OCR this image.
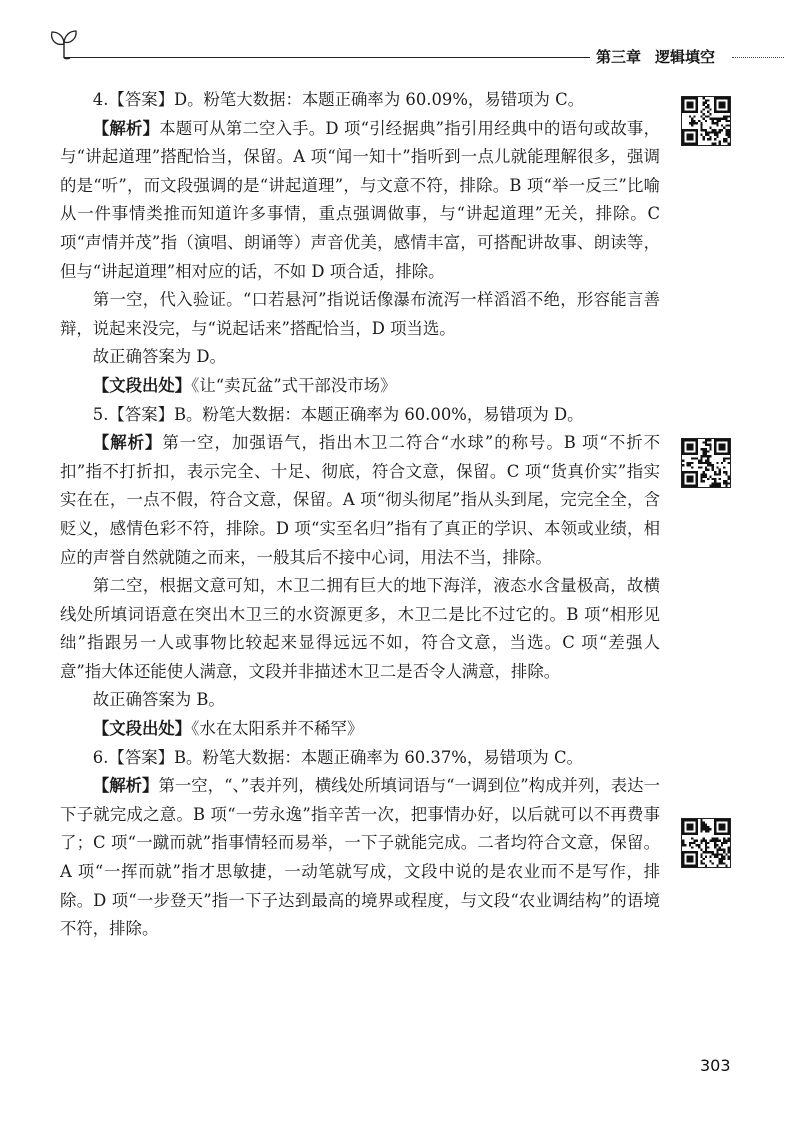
第三章 逻辑填空

4.【答案】D。粉笔大数据：本题正确率为 60.09%，易错项为 C。

【解析】本题可从第二空入手。D 项“引经据典”指引用经典中的语句或故事，与“讲起道理”搭配恰当，保留。A 项“闻一知十”指听到一点儿就能理解很多，强调的是“听”，而文段强调的是“讲起道理”，与文意不符，排除。B 项“举一反三”比喻从一件事情类推而知道许多事情，重点强调做事，与“讲起道理”无关，排除。C 项“声情并茂”指（演唱、朗诵等）声音优美，感情丰富，可搭配讲故事、朗读等，但与“讲起道理”相对应的话，不如 D 项合适，排除。

第一空，代入验证。“口若悬河”指说话像瀑布流泻一样滔滔不绝，形容能言善辩，说起来没完，与“说起话来”搭配恰当，D 项当选。

故正确答案为 D。

【文段出处】《让“卖瓦盆”式干部没市场》

5.【答案】B。粉笔大数据：本题正确率为 60.00%，易错项为 D。

【解析】第一空，加强语气，指出木卫二符合“水球”的称号。B 项“不折不扣”指不打折扣，表示完全、十足、彻底，符合文意，保留。C 项“货真价实”指实实在在，一点不假，符合文意，保留。A 项“彻头彻尾”指从头到尾，完完全全，含贬义，感情色彩不符，排除。D 项“实至名归”指有了真正的学识、本领或业绩，相应的声誉自然就随之而来，一般其后不接中心词，用法不当，排除。

第二空，根据文意可知，木卫二拥有巨大的地下海洋，液态水含量极高，故横线处所填词语意在突出木卫三的水资源更多，木卫二是比不过它的。B 项“相形见绌”指跟另一人或事物比较起来显得远远不如，符合文意，当选。C 项“差强人意”指大体还能使人满意，文段并非描述木卫二是否令人满意，排除。

故正确答案为 B。

【文段出处】《水在太阳系并不稀罕》

6.【答案】B。粉笔大数据：本题正确率为 60.37%，易错项为 C。

【解析】第一空，“、”表并列，横线处所填词语与“一调到位”构成并列，表达一下子就完成之意。B 项“一劳永逸”指辛苦一次，把事情办好，以后就可以不再费事了；C 项“一蹴而就”指事情轻而易举，一下子就能完成。二者均符合文意，保留。A 项“一挥而就”指才思敏捷，一动笔就写成，文段中说的是农业而不是写作，排除。D 项“一步登天”指一下子达到最高的境界或程度，与文段“农业调结构”的语境不符，排除。

303
